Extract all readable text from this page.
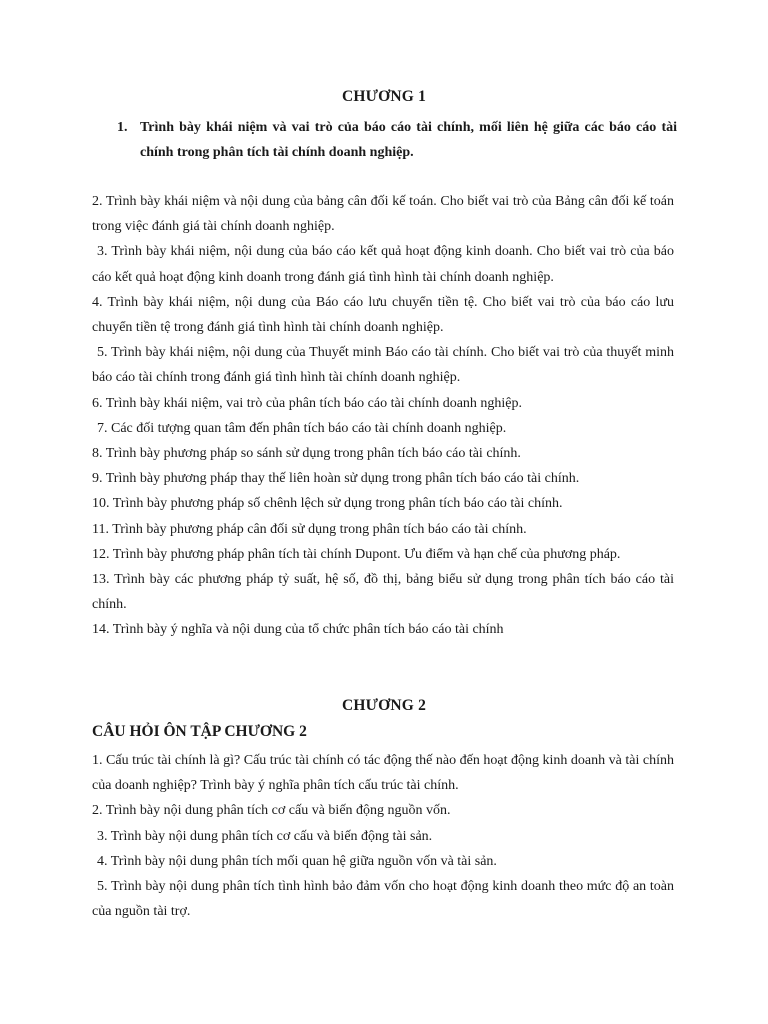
CHƯƠNG 1
1. Trình bày khái niệm và vai trò của báo cáo tài chính, mối liên hệ giữa các báo cáo tài chính trong phân tích tài chính doanh nghiệp.
2. Trình bày khái niệm và nội dung của bảng cân đối kế toán. Cho biết vai trò của Bảng cân đối kế toán trong việc đánh giá tài chính doanh nghiệp.
3. Trình bày khái niệm, nội dung của báo cáo kết quả hoạt động kinh doanh. Cho biết vai trò của báo cáo kết quả hoạt động kinh doanh trong đánh giá tình hình tài chính doanh nghiệp.
4. Trình bày khái niệm, nội dung của Báo cáo lưu chuyển tiền tệ. Cho biết vai trò của báo cáo lưu chuyển tiền tệ trong đánh giá tình hình tài chính doanh nghiệp.
5. Trình bày khái niệm, nội dung của Thuyết minh Báo cáo tài chính. Cho biết vai trò của thuyết minh báo cáo tài chính trong đánh giá tình hình tài chính doanh nghiệp.
6. Trình bày khái niệm, vai trò của phân tích báo cáo tài chính doanh nghiệp.
7. Các đối tượng quan tâm đến phân tích báo cáo tài chính doanh nghiệp.
8. Trình bày phương pháp so sánh sử dụng trong phân tích báo cáo tài chính.
9. Trình bày phương pháp thay thế liên hoàn sử dụng trong phân tích báo cáo tài chính.
10. Trình bày phương pháp số chênh lệch sử dụng trong phân tích báo cáo tài chính.
11. Trình bày phương pháp cân đối sử dụng trong phân tích báo cáo tài chính.
12. Trình bày phương pháp phân tích tài chính Dupont. Ưu điểm và hạn chế của phương pháp.
13. Trình bày các phương pháp tỷ suất, hệ số, đồ thị, bảng biểu sử dụng trong phân tích báo cáo tài chính.
14. Trình bày ý nghĩa và nội dung của tổ chức phân tích báo cáo tài chính
CHƯƠNG 2
CÂU HỎI ÔN TẬP CHƯƠNG 2
1. Cấu trúc tài chính là gì? Cấu trúc tài chính có tác động thế nào đến hoạt động kinh doanh và tài chính của doanh nghiệp? Trình bày ý nghĩa phân tích cấu trúc tài chính.
2. Trình bày nội dung phân tích cơ cấu và biến động nguồn vốn.
3. Trình bày nội dung phân tích cơ cấu và biến động tài sản.
4. Trình bày nội dung phân tích mối quan hệ giữa nguồn vốn và tài sản.
5. Trình bày nội dung phân tích tình hình bảo đảm vốn cho hoạt động kinh doanh theo mức độ an toàn của nguồn tài trợ.
